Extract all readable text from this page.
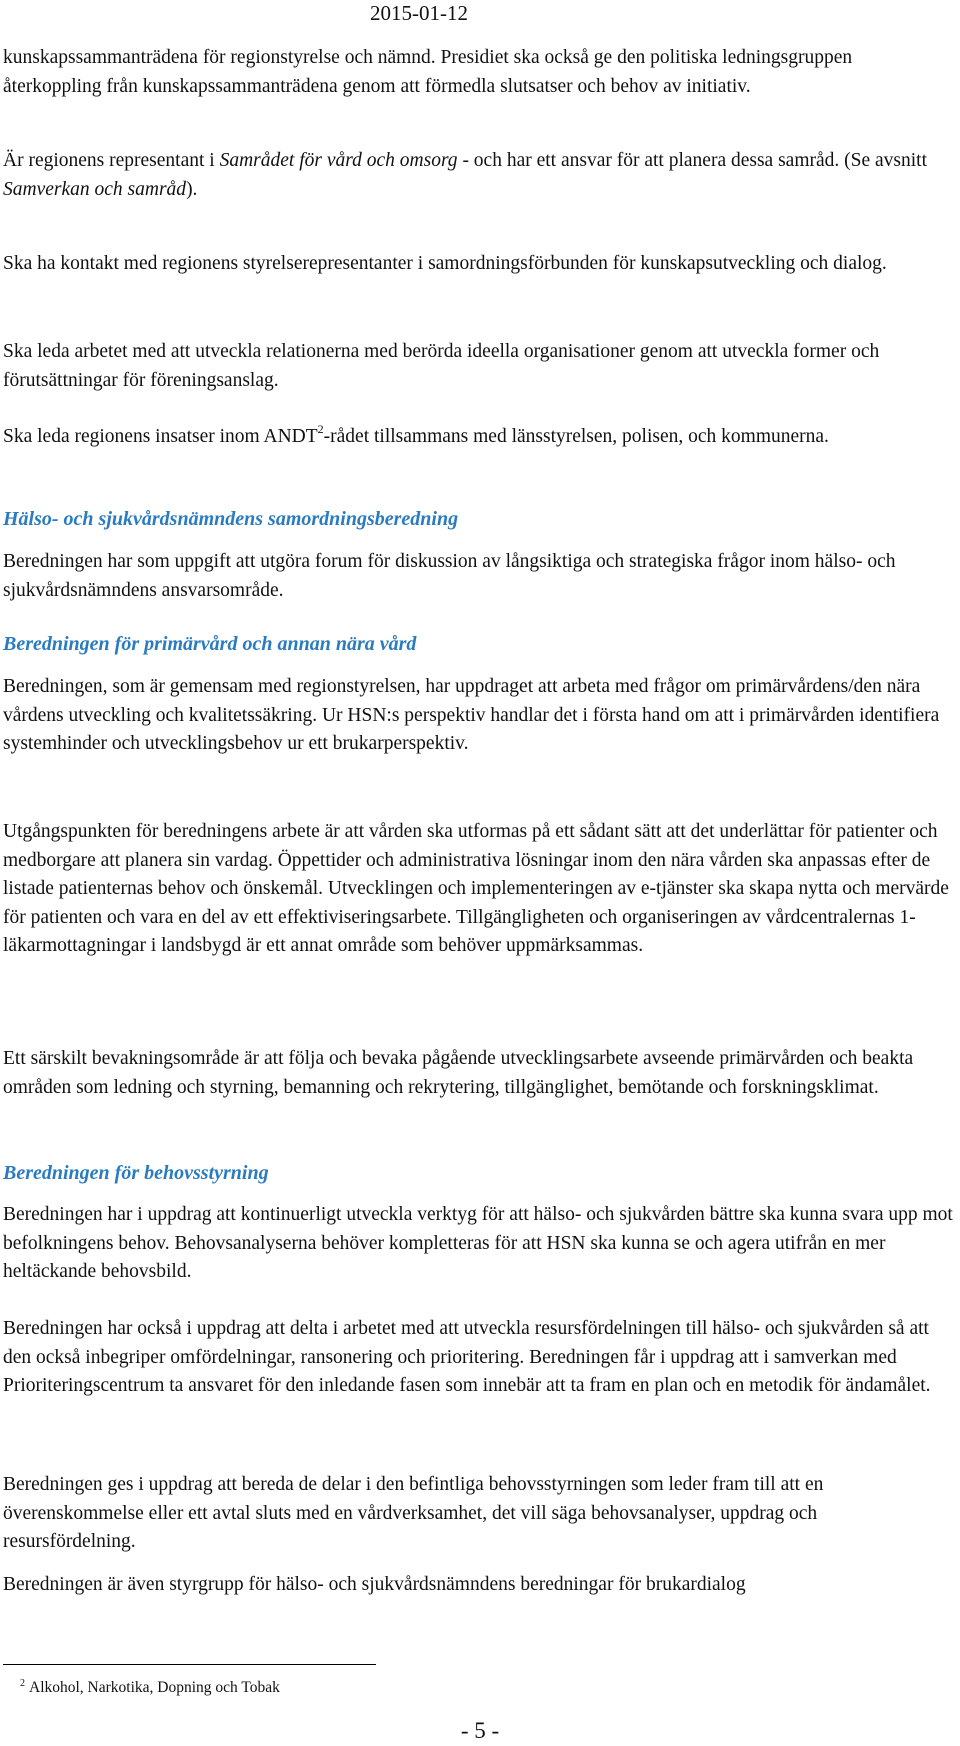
2015-01-12

kunskapssammanträdena för regionstyrelse och nämnd. Presidiet ska också ge den politiska ledningsgruppen återkoppling från kunskapssammanträdena genom att förmedla slutsatser och behov av initiativ.

Är regionens representant i Samrådet för vård och omsorg - och har ett ansvar för att planera dessa samråd. (Se avsnitt Samverkan och samråd).

Ska ha kontakt med regionens styrelserepresentanter i samordningsförbunden för kunskapsutveckling och dialog.

Ska leda arbetet med att utveckla relationerna med berörda ideella organisationer genom att utveckla former och förutsättningar för föreningsanslag.

Ska leda regionens insatser inom ANDT$^2$-rådet tillsammans med länsstyrelsen, polisen, och kommunerna.

Hälso- och sjukvårdsnämndens samordningsberedning

Beredningen har som uppgift att utgöra forum för diskussion av långsiktiga och strategiska frågor inom hälso- och sjukvårdsnämndens ansvarsområde.

Beredningen för primärvård och annan nära vård

Beredningen, som är gemensam med regionstyrelsen, har uppdraget att arbeta med frågor om primärvårdens/den nära vårdens utveckling och kvalitetssäkring. Ur HSN:s perspektiv handlar det i första hand om att i primärvården identifiera systemhinder och utvecklingsbehov ur ett brukarperspektiv.

Utgångspunkten för beredningens arbete är att vården ska utformas på ett sådant sätt att det underlättar för patienter och medborgare att planera sin vardag. Öppettider och administrativa lösningar inom den nära vården ska anpassas efter de listade patienternas behov och önskemål. Utvecklingen och implementeringen av e-tjänster ska skapa nytta och mervärde för patienten och vara en del av ett effektiviseringsarbete. Tillgängligheten och organiseringen av vårdcentralernas 1-läkarmottagningar i landsbygd är ett annat område som behöver uppmärksammas.

Ett särskilt bevakningsområde är att följa och bevaka pågående utvecklingsarbete avseende primärvården och beakta områden som ledning och styrning, bemanning och rekrytering, tillgänglighet, bemötande och forskningsklimat.

Beredningen för behovsstyrning

Beredningen har i uppdrag att kontinuerligt utveckla verktyg för att hälso- och sjukvården bättre ska kunna svara upp mot befolkningens behov. Behovsanalyserna behöver kompletteras för att HSN ska kunna se och agera utifrån en mer heltäckande behovsbild.

Beredningen har också i uppdrag att delta i arbetet med att utveckla resursfördelningen till hälso- och sjukvården så att den också inbegriper omfördelningar, ransonering och prioritering. Beredningen får i uppdrag att i samverkan med Prioriteringscentrum ta ansvaret för den inledande fasen som innebär att ta fram en plan och en metodik för ändamålet.

Beredningen ges i uppdrag att bereda de delar i den befintliga behovsstyrningen som leder fram till att en överenskommelse eller ett avtal sluts med en vårdverksamhet, det vill säga behovsanalyser, uppdrag och resursfördelning.

Beredningen är även styrgrupp för hälso- och sjukvårdsnämndens beredningar för brukardialog

$^2$ Alkohol, Narkotika, Dopning och Tobak
- 5 -
